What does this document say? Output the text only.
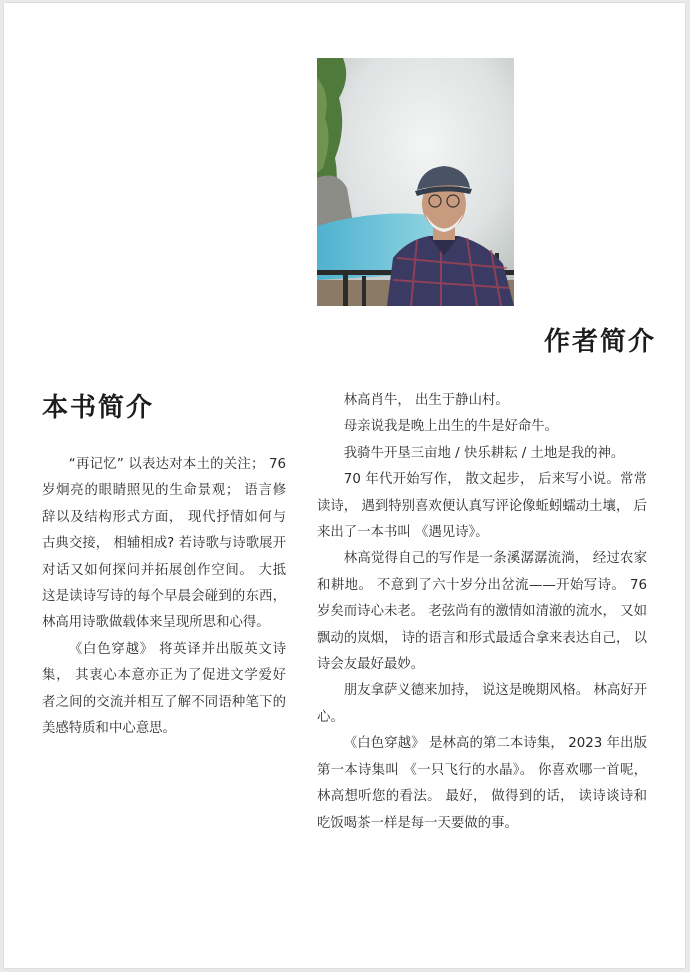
作者简介
本书简介

“再记忆” 以表达对本土的关注； 76 岁炯亮的眼睛照见的生命景观； 语言修辞以及结构形式方面， 现代抒情如何与古典交接， 相辅相成? 若诗歌与诗歌展开对话又如何探问并拓展创作空间。 大抵这是读诗写诗的每个早晨会碰到的东西， 林高用诗歌做载体来呈现所思和心得。

《白色穿越》 将英译并出版英文诗集， 其衷心本意亦正为了促进文学爱好者之间的交流并相互了解不同语种笔下的美感特质和中心意思。

林高肖牛， 出生于静山村。

母亲说我是晚上出生的牛是好命牛。

我骑牛开垦三亩地 / 快乐耕耘 / 土地是我的神。

70 年代开始写作， 散文起步， 后来写小说。常常读诗， 遇到特别喜欢便认真写评论像蚯蚓蠕动土壤， 后来出了一本书叫 《遇见诗》。

林高觉得自己的写作是一条溪潺潺流淌， 经过农家和耕地。 不意到了六十岁分出岔流——开始写诗。 76 岁矣而诗心未老。 老弦尚有的激情如清澈的流水， 又如飘动的岚烟， 诗的语言和形式最适合拿来表达自己， 以诗会友最好最妙。

朋友拿萨义德来加持， 说这是晚期风格。 林高好开心。

《白色穿越》 是林高的第二本诗集， 2023 年出版第一本诗集叫 《一只飞行的水晶》。 你喜欢哪一首呢， 林高想听您的看法。 最好， 做得到的话， 读诗谈诗和吃饭喝茶一样是每一天要做的事。
